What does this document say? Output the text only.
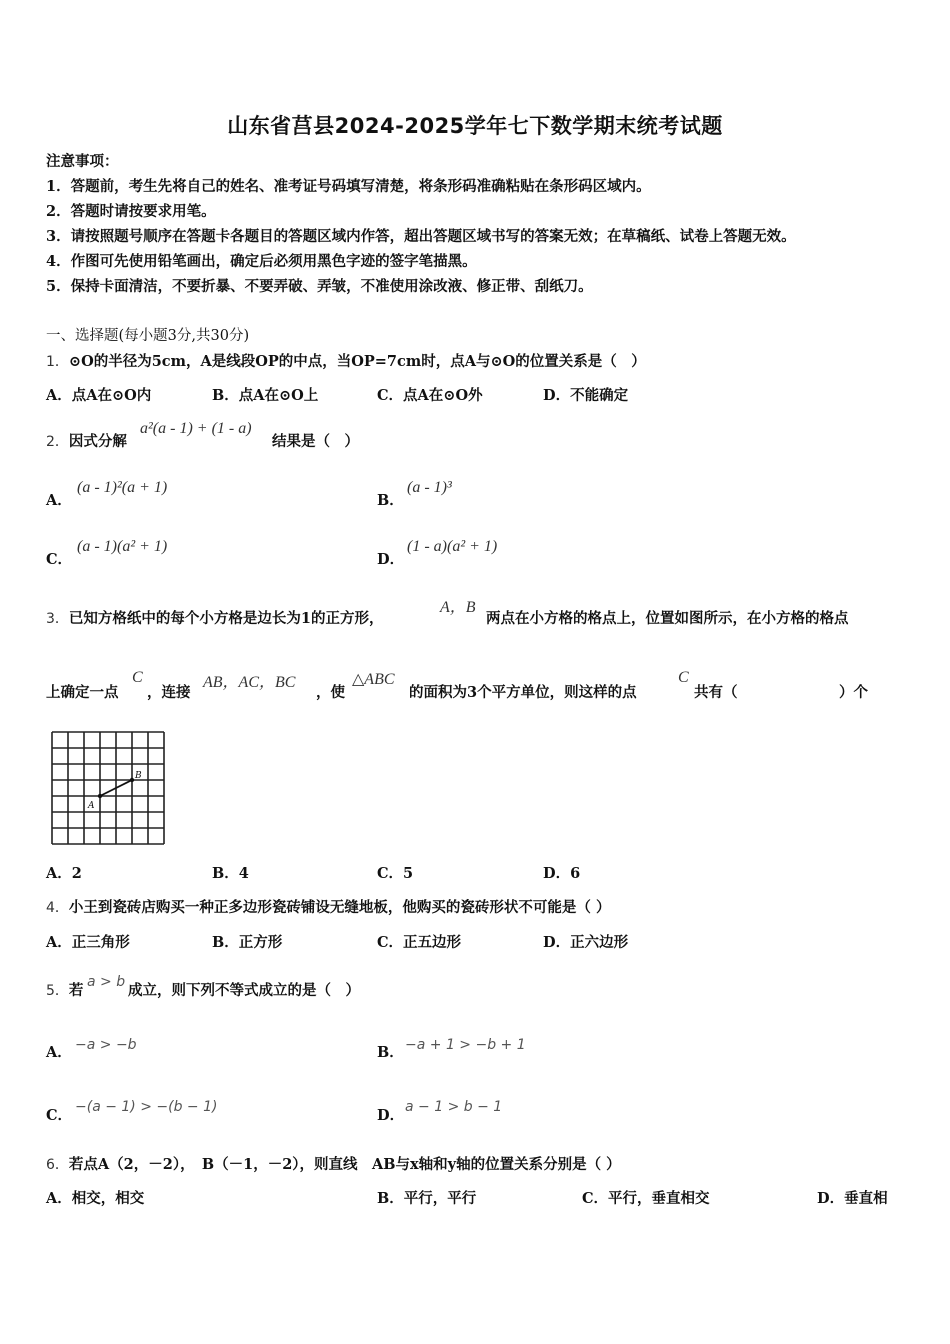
山东省莒县2024-2025学年七下数学期末统考试题
注意事项：
1．答题前，考生先将自己的姓名、准考证号码填写清楚，将条形码准确粘贴在条形码区域内。
2．答题时请按要求用笔。
3．请按照题号顺序在答题卡各题目的答题区域内作答，超出答题区域书写的答案无效；在草稿纸、试卷上答题无效。
4．作图可先使用铅笔画出，确定后必须用黑色字迹的签字笔描黑。
5．保持卡面清洁，不要折暴、不要弄破、弄皱，不准使用涂改液、修正带、刮纸刀。
一、选择题(每小题3分,共30分)
1．⊙O的半径为5cm，A是线段OP的中点，当OP=7cm时，点A与⊙O的位置关系是（　）
A．点A在⊙O内	B．点A在⊙O上	C．点A在⊙O外	D．不能确定
2．因式分解
a²(a - 1) + (1 - a)
结果是（　）
A．
(a - 1)²(a + 1)
B．
(a - 1)³
C．
(a - 1)(a² + 1)
D．
(1 - a)(a² + 1)
3．已知方格纸中的每个小方格是边长为1的正方形，
A，B
两点在小方格的格点上，位置如图所示，在小方格的格点
上确定一点
C
，连接
AB，AC，BC
，使
△ABC
的面积为3个平方单位，则这样的点
C
共有（　　　　　　　）个
A
B
A．2	B．4	C．5	D．6
4．小王到瓷砖店购买一种正多边形瓷砖铺设无缝地板，他购买的瓷砖形状不可能是（ ）
A．正三角形	B．正方形	C．正五边形	D．正六边形
5．若 a > b 成立，则下列不等式成立的是（　）
A． −a > −b	B． −a + 1 > −b + 1
C． −(a − 1) > −(b − 1)	D． a − 1 > b − 1
6．若点A（2，－2），　B（－1，－2），则直线　AB与x轴和y轴的位置关系分别是（ ）
A．相交，相交	B．平行，平行	C．平行，垂直相交	D．垂直相
